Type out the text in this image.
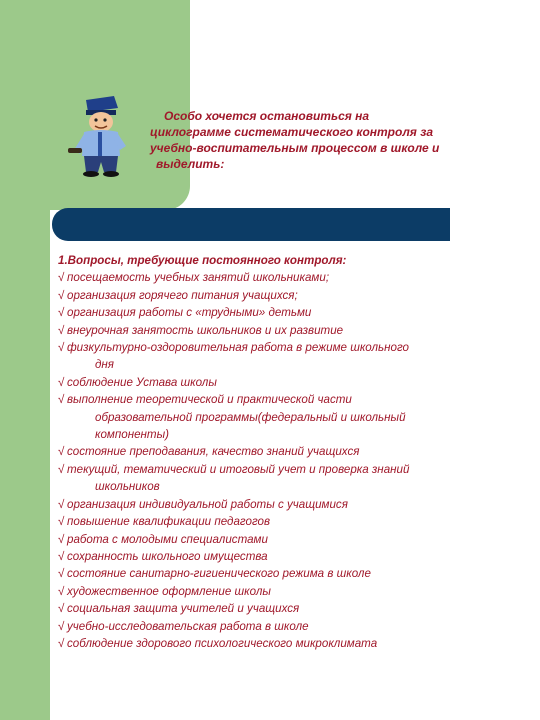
Особо хочется остановиться на
циклограмме систематического контроля за
учебно-воспитательным процессом в школе и
выделить:
1.Вопросы, требующие постоянного контроля:
√ посещаемость учебных занятий школьниками;
√ организация горячего питания учащихся;
√ организация работы с «трудными» детьми
√ внеурочная занятость школьников и их развитие
√ физкультурно-оздоровительная работа в режиме школьного
дня
√ соблюдение Устава школы
√ выполнение теоретической и практической части
образовательной программы(федеральный и школьный
компоненты)
√ состояние преподавания, качество знаний учащихся
√ текущий, тематический и итоговый учет и проверка знаний
школьников
√ организация индивидуальной работы с учащимися
√ повышение квалификации педагогов
√ работа с молодыми специалистами
√ сохранность школьного имущества
√ состояние санитарно-гигиенического режима в школе
√ художественное оформление школы
√ социальная защита учителей и учащихся
√ учебно-исследовательская работа в школе
√ соблюдение здорового психологического микроклимата
